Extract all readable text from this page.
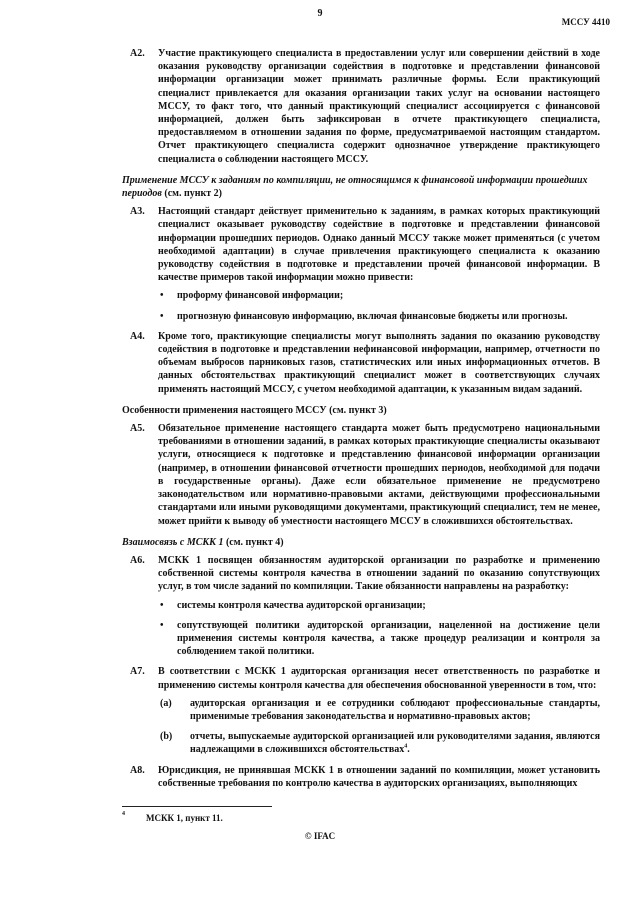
9
МССУ 4410
А2. Участие практикующего специалиста в предоставлении услуг или совершении действий в ходе оказания руководству организации содействия в подготовке и представлении финансовой информации организации может принимать различные формы. Если практикующий специалист привлекается для оказания организации таких услуг на основании настоящего МССУ, то факт того, что данный практикующий специалист ассоциируется с финансовой информацией, должен быть зафиксирован в отчете практикующего специалиста, предоставляемом в отношении задания по форме, предусматриваемой настоящим стандартом. Отчет практикующего специалиста содержит однозначное утверждение практикующего специалиста о соблюдении настоящего МССУ.
Применение МССУ к заданиям по компиляции, не относящимся к финансовой информации прошедших периодов (см. пункт 2)
А3. Настоящий стандарт действует применительно к заданиям, в рамках которых практикующий специалист оказывает руководству содействие в подготовке и представлении финансовой информации прошедших периодов. Однако данный МССУ также может применяться (с учетом необходимой адаптации) в случае привлечения практикующего специалиста к оказанию руководству содействия в подготовке и представлении прочей финансовой информации. В качестве примеров такой информации можно привести:
• проформу финансовой информации;
• прогнозную финансовую информацию, включая финансовые бюджеты или прогнозы.
А4. Кроме того, практикующие специалисты могут выполнять задания по оказанию руководству содействия в подготовке и представлении нефинансовой информации, например, отчетности по объемам выбросов парниковых газов, статистических или иных информационных отчетов. В данных обстоятельствах практикующий специалист может в соответствующих случаях применять настоящий МССУ, с учетом необходимой адаптации, к указанным видам заданий.
Особенности применения настоящего МССУ (см. пункт 3)
А5. Обязательное применение настоящего стандарта может быть предусмотрено национальными требованиями в отношении заданий, в рамках которых практикующие специалисты оказывают услуги, относящиеся к подготовке и представлению финансовой информации организации (например, в отношении финансовой отчетности прошедших периодов, необходимой для подачи в государственные органы). Даже если обязательное применение не предусмотрено законодательством или нормативно-правовыми актами, действующими профессиональными стандартами или иными руководящими документами, практикующий специалист, тем не менее, может прийти к выводу об уместности настоящего МССУ в сложившихся обстоятельствах.
Взаимосвязь с МСКК 1 (см. пункт 4)
А6. МСКК 1 посвящен обязанностям аудиторской организации по разработке и применению собственной системы контроля качества в отношении заданий по оказанию сопутствующих услуг, в том числе заданий по компиляции. Такие обязанности направлены на разработку:
• системы контроля качества аудиторской организации;
• сопутствующей политики аудиторской организации, нацеленной на достижение цели применения системы контроля качества, а также процедур реализации и контроля за соблюдением такой политики.
А7. В соответствии с МСКК 1 аудиторская организация несет ответственность по разработке и применению системы контроля качества для обеспечения обоснованной уверенности в том, что:
(а) аудиторская организация и ее сотрудники соблюдают профессиональные стандарты, применимые требования законодательства и нормативно-правовых актов;
(b) отчеты, выпускаемые аудиторской организацией или руководителями задания, являются надлежащими в сложившихся обстоятельствах$^4$.
А8. Юрисдикция, не принявшая МСКК 1 в отношении заданий по компиляции, может установить собственные требования по контролю качества в аудиторских организациях, выполняющих
4 МСКК 1, пункт 11.
© IFAC
